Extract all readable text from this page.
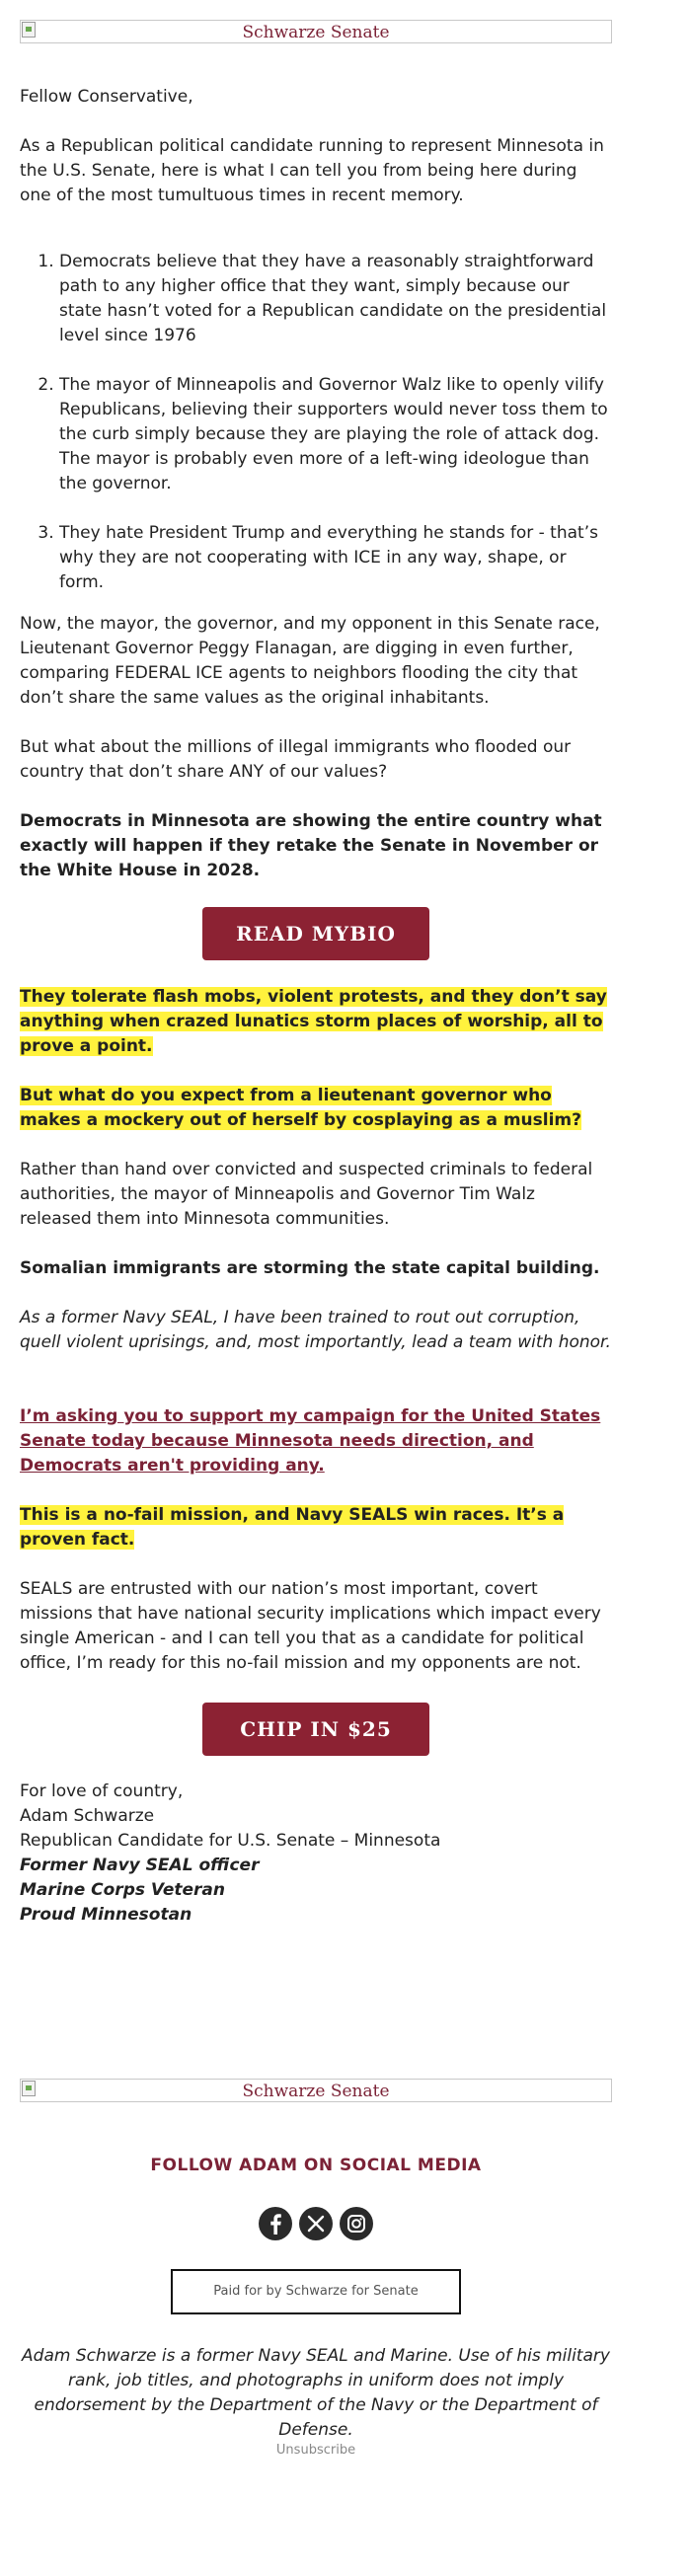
Schwarze Senate

Fellow Conservative,

As a Republican political candidate running to represent Minnesota in the U.S. Senate, here is what I can tell you from being here during one of the most tumultuous times in recent memory.

1. Democrats believe that they have a reasonably straightforward path to any higher office that they want, simply because our state hasn’t voted for a Republican candidate on the presidential level since 1976
2. The mayor of Minneapolis and Governor Walz like to openly vilify Republicans, believing their supporters would never toss them to the curb simply because they are playing the role of attack dog. The mayor is probably even more of a left-wing ideologue than the governor.
3. They hate President Trump and everything he stands for - that’s why they are not cooperating with ICE in any way, shape, or form.

Now, the mayor, the governor, and my opponent in this Senate race, Lieutenant Governor Peggy Flanagan, are digging in even further, comparing FEDERAL ICE agents to neighbors flooding the city that don’t share the same values as the original inhabitants.

But what about the millions of illegal immigrants who flooded our country that don’t share ANY of our values?

Democrats in Minnesota are showing the entire country what exactly will happen if they retake the Senate in November or the White House in 2028.

READ MYBIO

They tolerate flash mobs, violent protests, and they don’t say anything when crazed lunatics storm places of worship, all to prove a point.

But what do you expect from a lieutenant governor who makes a mockery out of herself by cosplaying as a muslim?

Rather than hand over convicted and suspected criminals to federal authorities, the mayor of Minneapolis and Governor Tim Walz released them into Minnesota communities.

Somalian immigrants are storming the state capital building.

As a former Navy SEAL, I have been trained to rout out corruption, quell violent uprisings, and, most importantly, lead a team with honor.

I’m asking you to support my campaign for the United States Senate today because Minnesota needs direction, and Democrats aren't providing any.

This is a no-fail mission, and Navy SEALS win races. It’s a proven fact.

SEALS are entrusted with our nation’s most important, covert missions that have national security implications which impact every single American - and I can tell you that as a candidate for political office, I’m ready for this no-fail mission and my opponents are not.

CHIP IN $25
For love of country,
Adam Schwarze
Republican Candidate for U.S. Senate – Minnesota
Former Navy SEAL officer
Marine Corps Veteran
Proud Minnesotan
Schwarze Senate
FOLLOW ADAM ON SOCIAL MEDIA
Paid for by Schwarze for Senate

Adam Schwarze is a former Navy SEAL and Marine. Use of his military rank, job titles, and photographs in uniform does not imply endorsement by the Department of the Navy or the Department of Defense.

Unsubscribe
